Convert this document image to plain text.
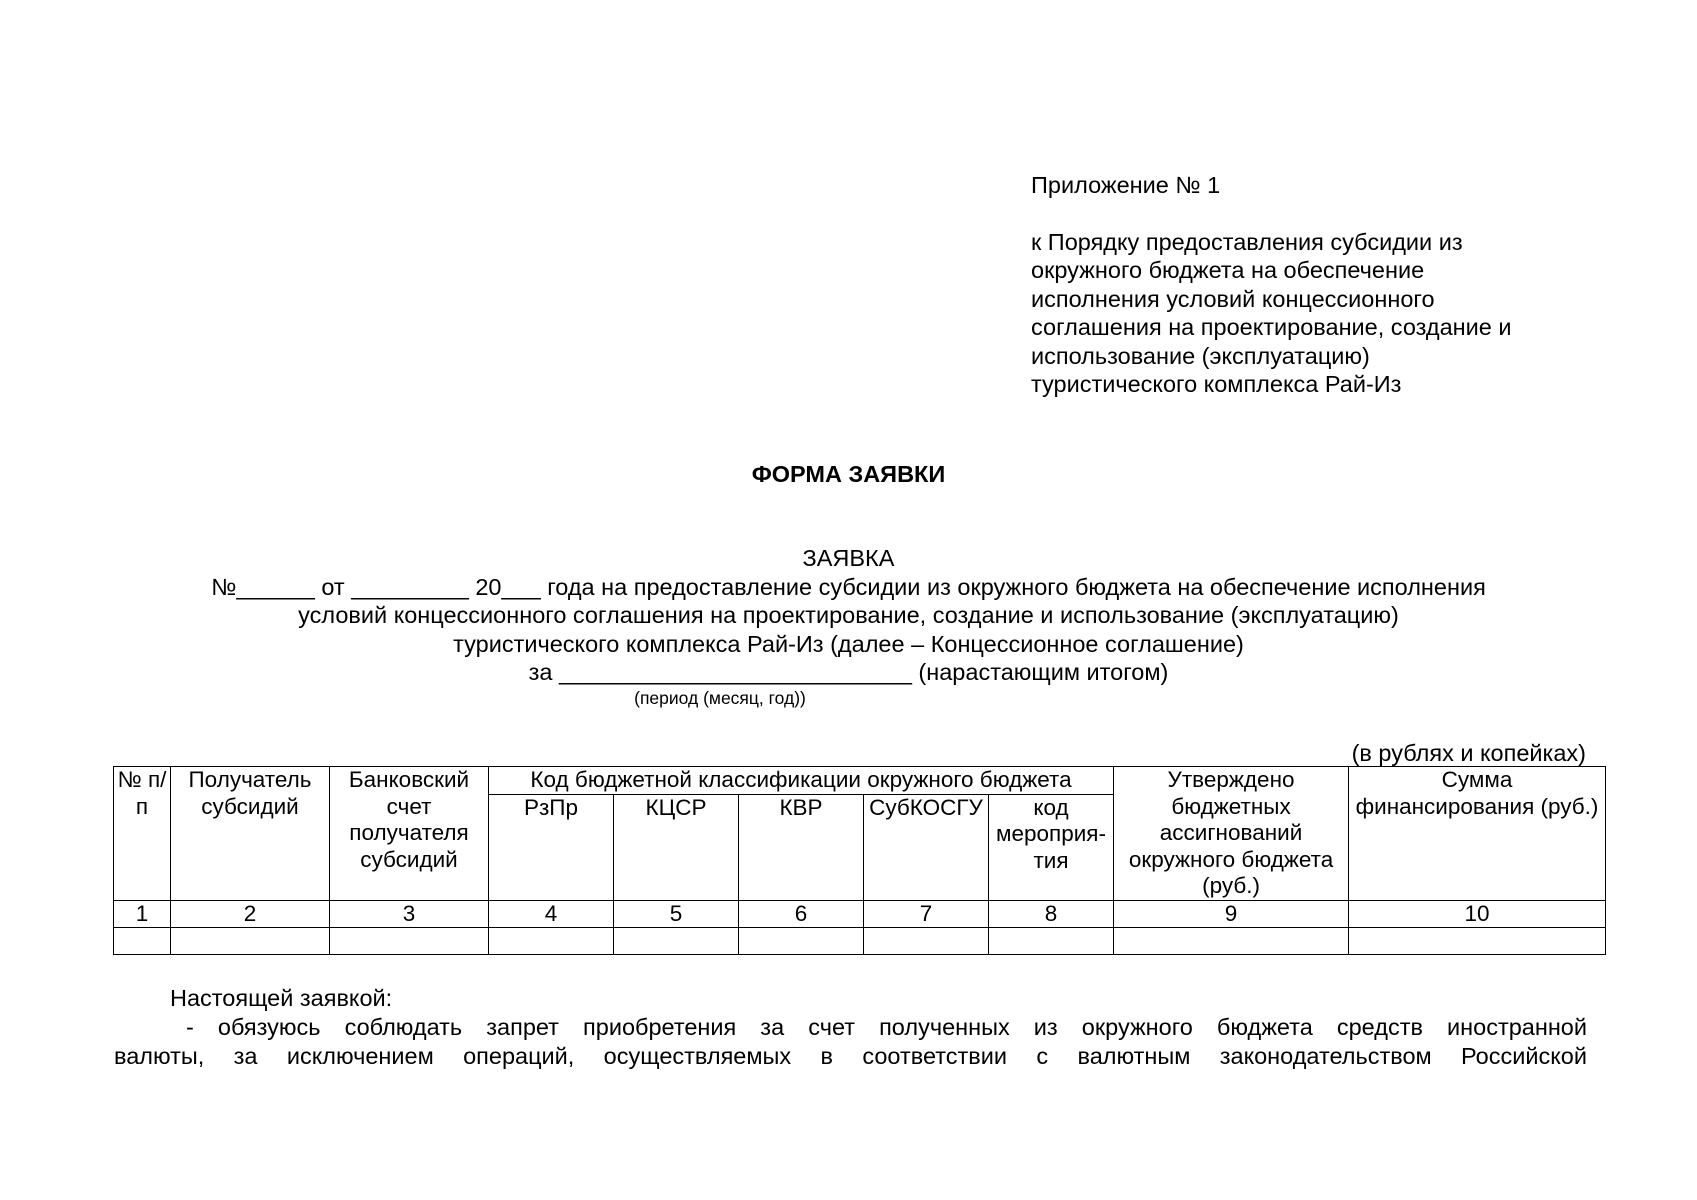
Приложение № 1
к Порядку предоставления субсидии из
окружного бюджета на обеспечение
исполнения условий концессионного
соглашения на проектирование, создание и
использование (эксплуатацию)
туристического комплекса Рай-Из
ФОРМА ЗАЯВКИ
ЗАЯВКА
№______ от _________ 20___ года на предоставление субсидии из окружного бюджета на обеспечение исполнения
условий концессионного соглашения на проектирование, создание и использование (эксплуатацию)
туристического комплекса Рай-Из (далее – Концессионное соглашение)
за ___________________________ (нарастающим итогом)
(период (месяц, год))
(в рублях и копейках)
№ п/п	Получатель субсидий	Банковский счет получателя субсидий	Код бюджетной классификации окружного бюджета					Утверждено бюджетных ассигнований окружного бюджета (руб.)	Сумма финансирования (руб.)
			РзПр	КЦСР	КВР	СубКОСГУ	код мероприя-тия		
1	2	3	4	5	6	7	8	9	10

Настоящей заявкой:
- обязуюсь соблюдать запрет приобретения за счет полученных из окружного бюджета средств иностранной
валюты, за исключением операций, осуществляемых в соответствии с валютным законодательством Российской
